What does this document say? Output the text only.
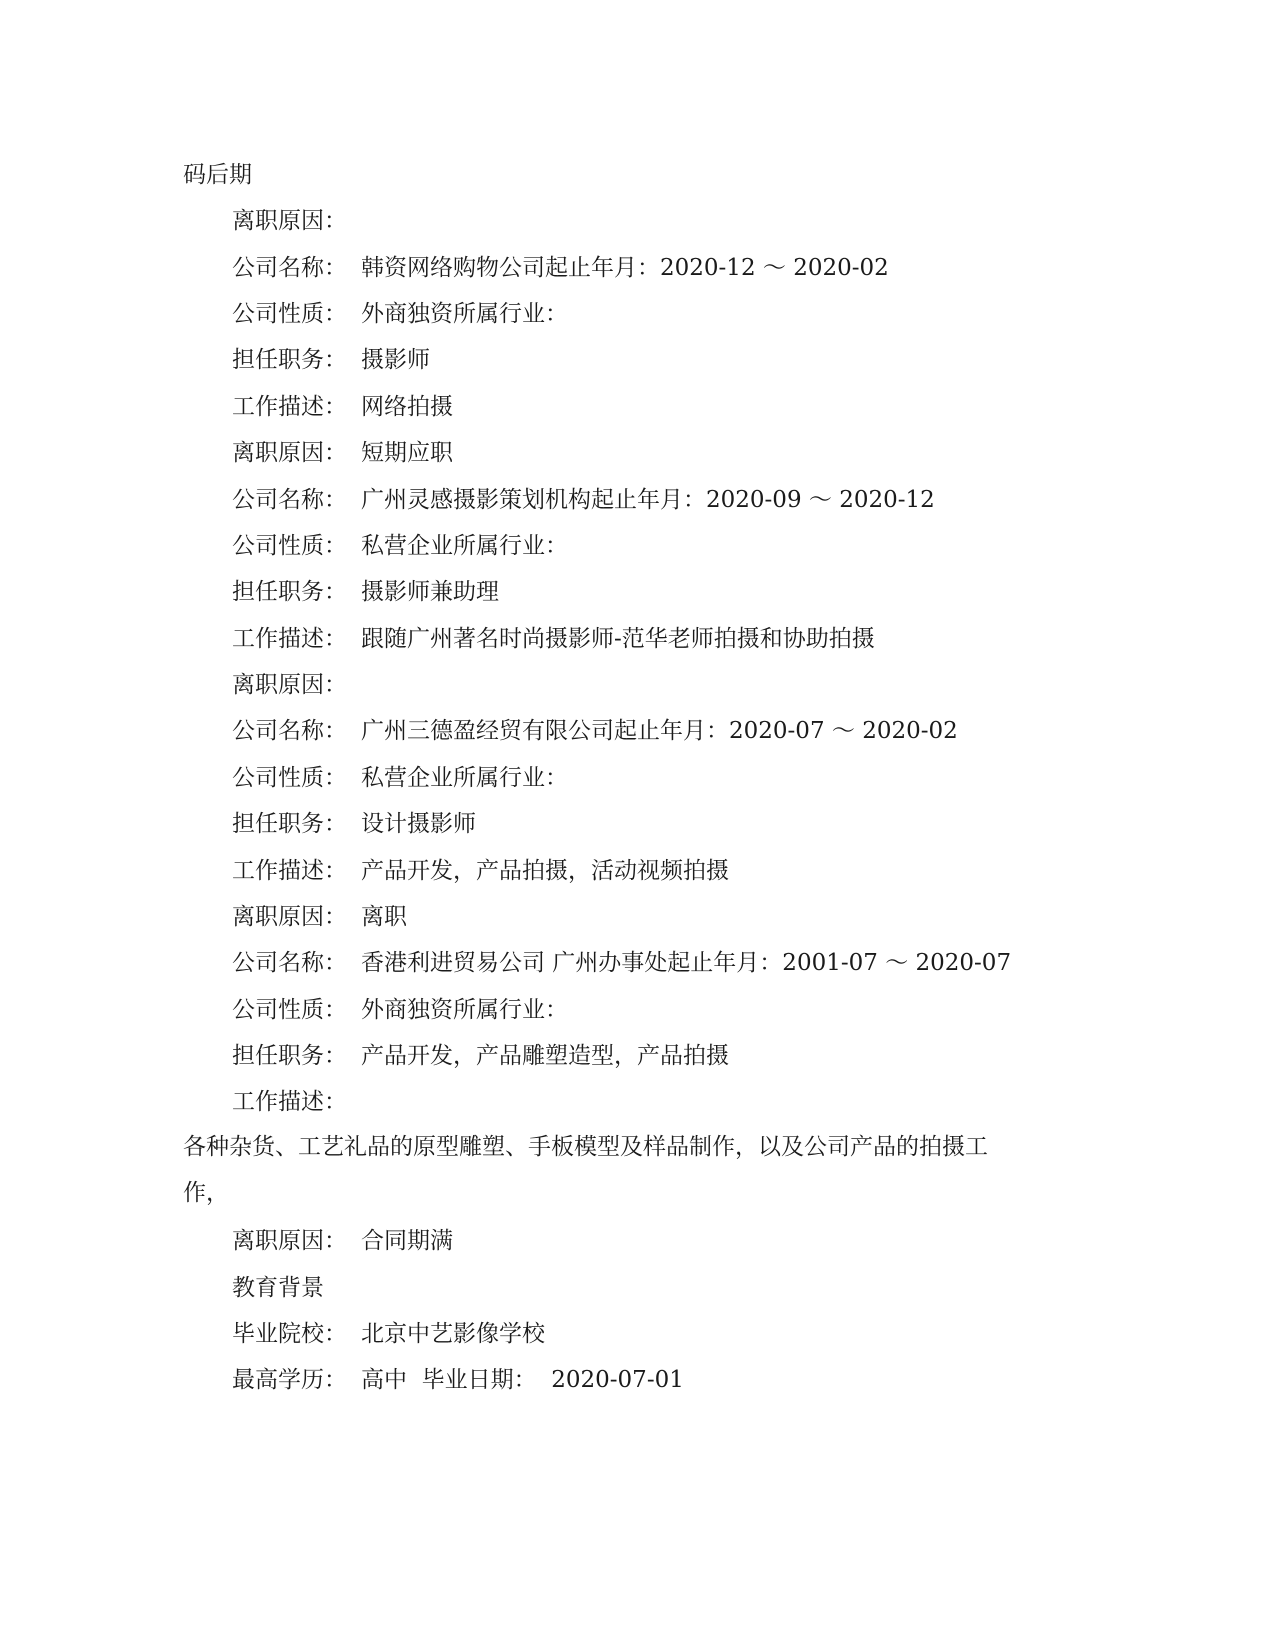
码后期
离职原因：
公司名称： 韩资网络购物公司起止年月：2020-12 ～ 2020-02
公司性质： 外商独资所属行业：
担任职务： 摄影师
工作描述： 网络拍摄
离职原因： 短期应职
公司名称： 广州灵感摄影策划机构起止年月：2020-09 ～ 2020-12
公司性质： 私营企业所属行业：
担任职务： 摄影师兼助理
工作描述： 跟随广州著名时尚摄影师-范华老师拍摄和协助拍摄
离职原因：
公司名称： 广州三德盈经贸有限公司起止年月：2020-07 ～ 2020-02
公司性质： 私营企业所属行业：
担任职务： 设计摄影师
工作描述： 产品开发，产品拍摄，活动视频拍摄
离职原因： 离职
公司名称： 香港利进贸易公司 广州办事处起止年月：2001-07 ～ 2020-07
公司性质： 外商独资所属行业：
担任职务： 产品开发，产品雕塑造型，产品拍摄
工作描述：
各种杂货、工艺礼品的原型雕塑、手板模型及样品制作，以及公司产品的拍摄工作，
离职原因： 合同期满
教育背景
毕业院校： 北京中艺影像学校
最高学历： 高中  毕业日期：  2020-07-01
